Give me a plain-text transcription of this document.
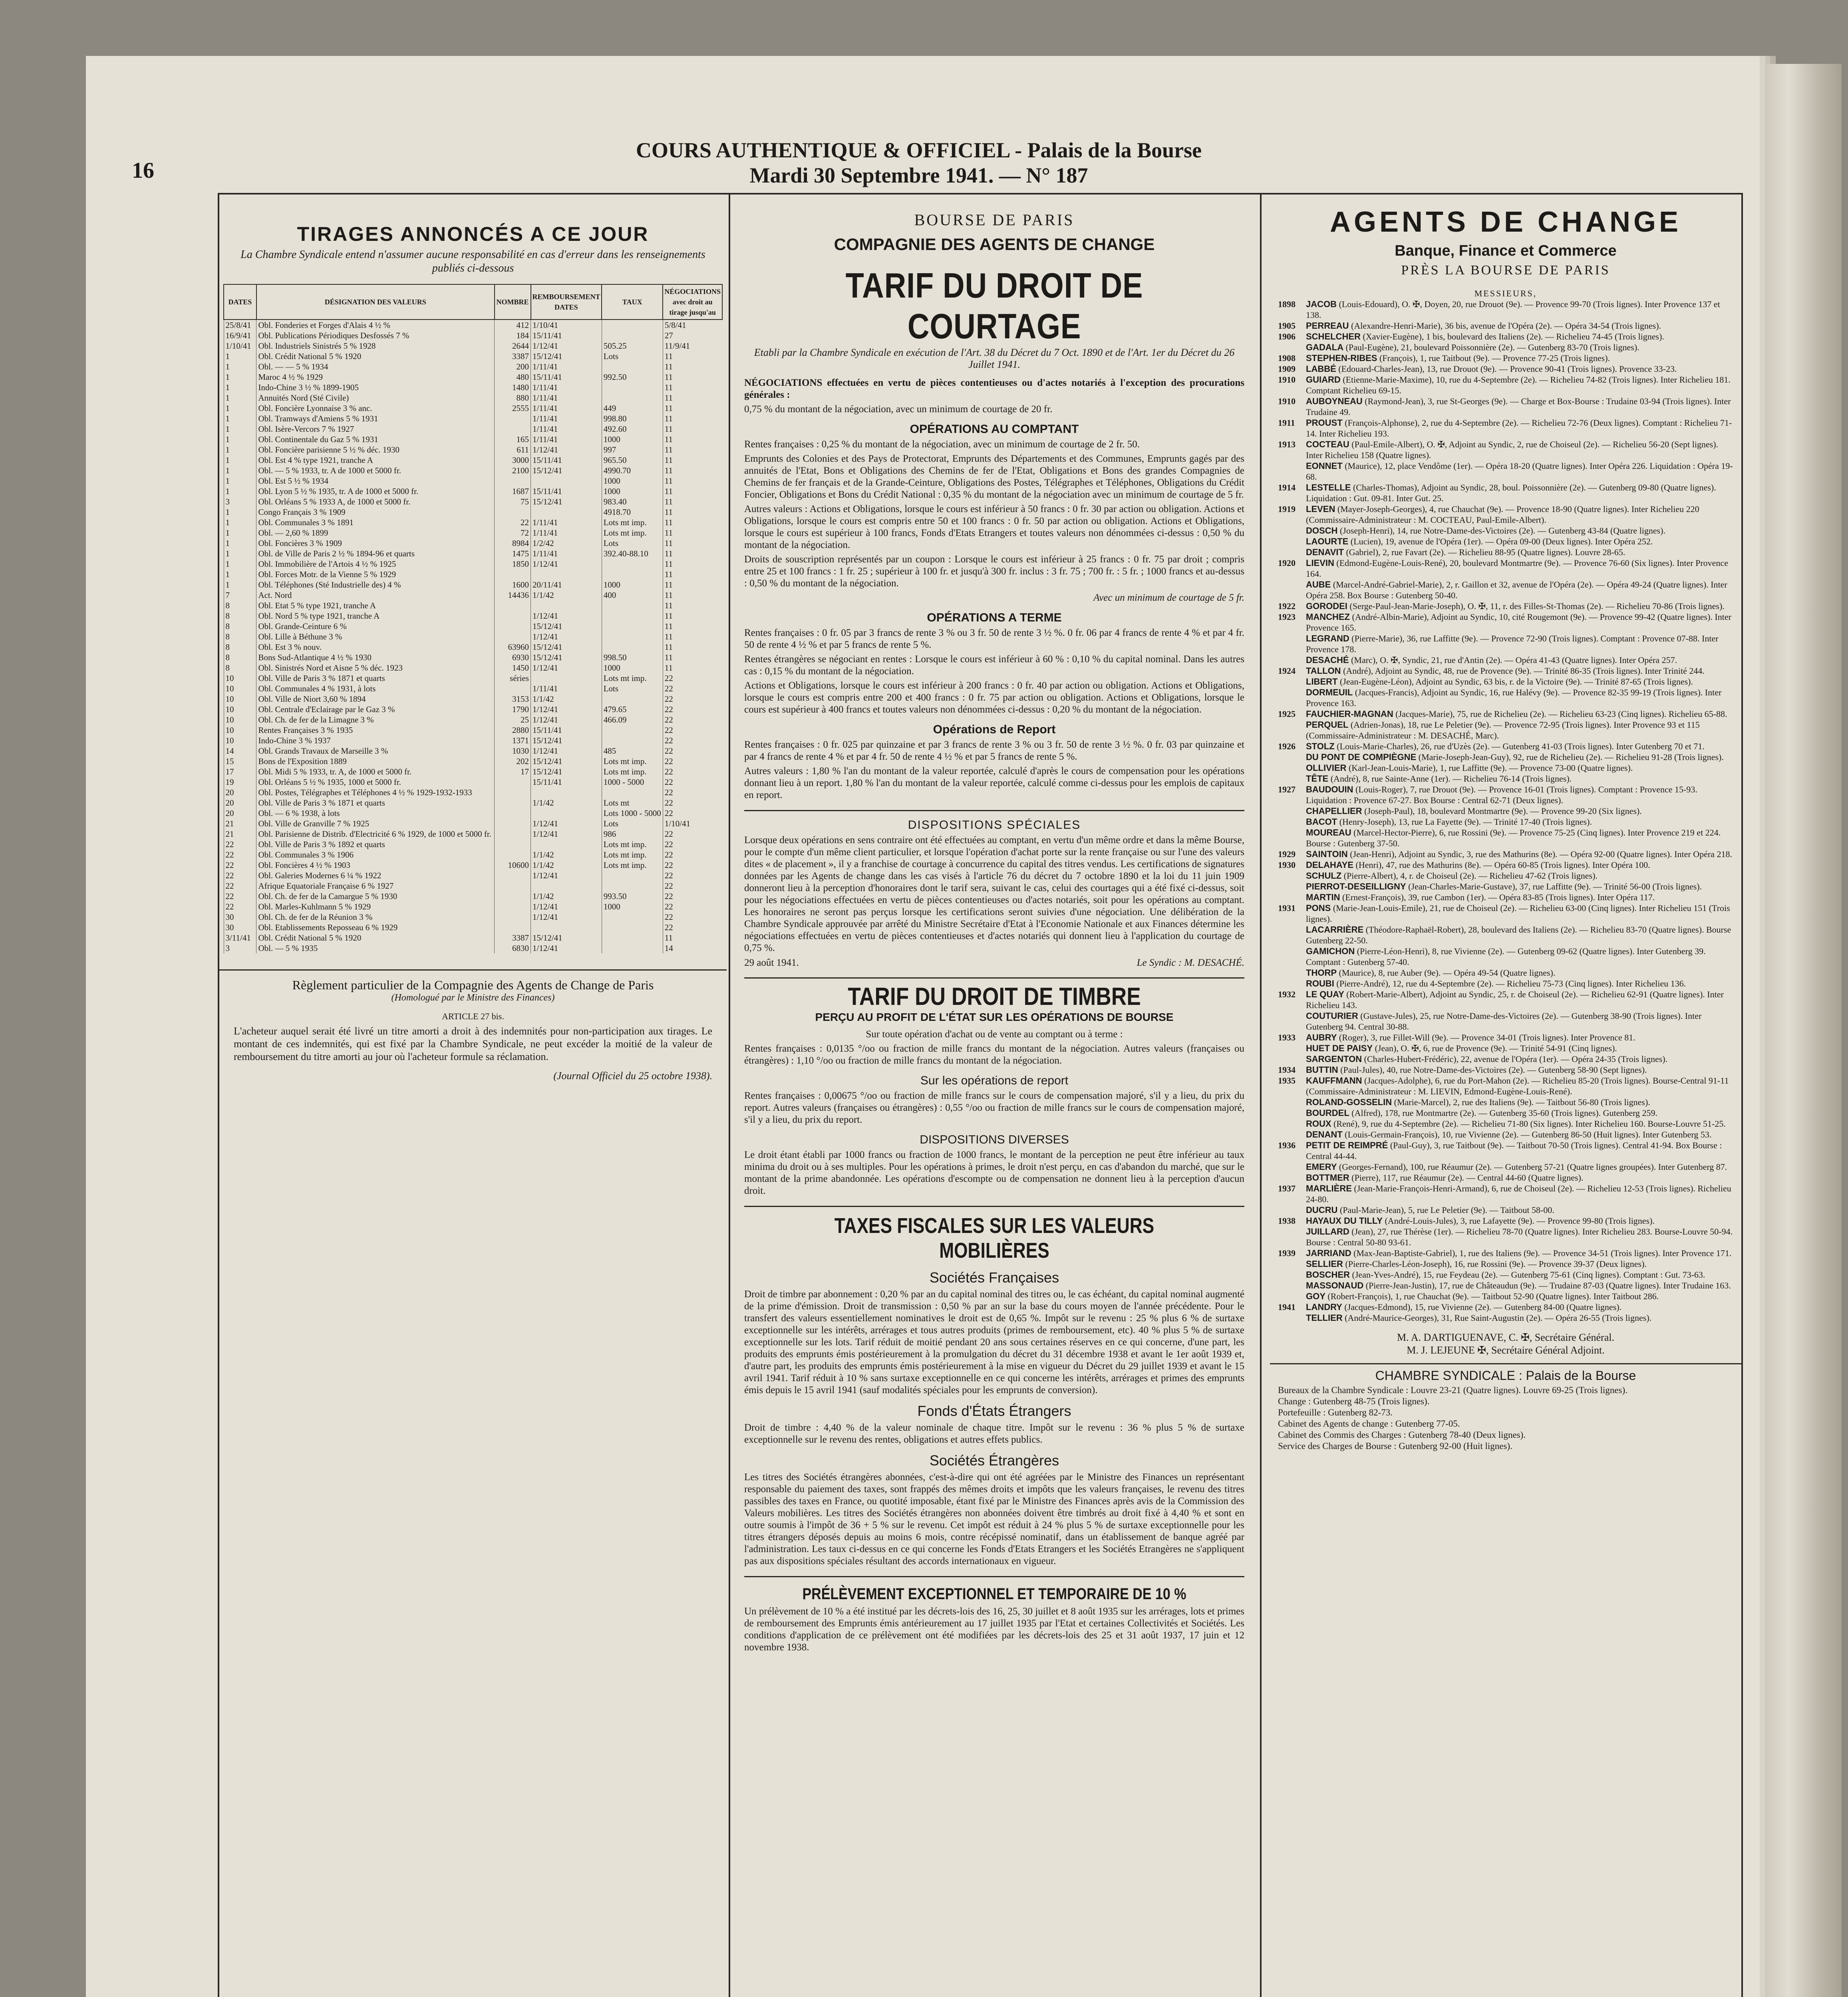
16
COURS AUTHENTIQUE & OFFICIEL - Palais de la Bourse
Mardi 30 Septembre 1941. — N° 187
TIRAGES ANNONCÉS A CE JOUR
La Chambre Syndicale entend n'assumer aucune responsabilité en cas d'erreur dans les renseignements publiés ci-dessous
DATES	DÉSIGNATION DES VALEURS	NOMBRE	REMBOURSEMENT DATES	TAUX	NÉGOCIATIONS avec droit au tirage jusqu'au
25/8/41	Obl. Fonderies et Forges d'Alais 4 ½ %	412	1/10/41		5/8/41
16/9/41	Obl. Publications Périodiques Desfossés 7 %	184	15/11/41		27
1/10/41	Obl. Industriels Sinistrés 5 % 1928	2644	1/12/41	505.25	11/9/41
1	Obl. Crédit National 5 % 1920	3387	15/12/41	Lots	11
1	Obl. — — 5 % 1934	200	1/11/41		11
1	Maroc 4 ½ % 1929	480	15/11/41	992.50	11
1	Indo-Chine 3 ½ % 1899-1905	1480	1/11/41		11
1	Annuités Nord (Sté Civile)	880	1/11/41		11
1	Obl. Foncière Lyonnaise 3 % anc.	2555	1/11/41	449	11
1	Obl. Tramways d'Amiens 5 % 1931		1/11/41	998.80	11
1	Obl. Isère-Vercors 7 % 1927		1/11/41	492.60	11
1	Obl. Continentale du Gaz 5 % 1931	165	1/11/41	1000	11
1	Obl. Foncière parisienne 5 ½ % déc. 1930	611	1/12/41	997	11
1	Obl. Est 4 % type 1921, tranche A	3000	15/11/41	965.50	11
1	Obl. — 5 % 1933, tr. A de 1000 et 5000 fr.	2100	15/12/41	4990.70	11
1	Obl. Est 5 ½ % 1934			1000	11
1	Obl. Lyon 5 ½ % 1935, tr. A de 1000 et 5000 fr.	1687	15/11/41	1000	11
3	Obl. Orléans 5 % 1933 A, de 1000 et 5000 fr.	75	15/12/41	983.40	11
1	Congo Français 3 % 1909			4918.70	11
1	Obl. Communales 3 % 1891	22	1/11/41	Lots mt imp.	11
1	Obl. — 2,60 % 1899	72	1/11/41	Lots mt imp.	11
1	Obl. Foncières 3 % 1909	8984	1/2/42	Lots	11
1	Obl. de Ville de Paris 2 ½ % 1894-96 et quarts	1475	1/11/41	392.40-88.10	11
1	Obl. Immobilière de l'Artois 4 ½ % 1925	1850	1/12/41		11
1	Obl. Forces Motr. de la Vienne 5 % 1929				11
1	Obl. Téléphones (Sté Industrielle des) 4 %	1600	20/11/41	1000	11
7	Act. Nord	14436	1/1/42	400	11
8	Obl. Etat 5 % type 1921, tranche A				11
8	Obl. Nord 5 % type 1921, tranche A		1/12/41		11
8	Obl. Grande-Ceinture 6 %		15/12/41		11
8	Obl. Lille à Béthune 3 %		1/12/41		11
8	Obl. Est 3 % nouv.	63960	15/12/41		11
8	Bons Sud-Atlantique 4 ½ % 1930	6930	15/12/41	998.50	11
8	Obl. Sinistrés Nord et Aisne 5 % déc. 1923	1450	1/12/41	1000	11
10	Obl. Ville de Paris 3 % 1871 et quarts	séries		Lots mt imp.	22
10	Obl. Communales 4 % 1931, à lots		1/11/41	Lots	22
10	Obl. Ville de Niort 3,60 % 1894	3153	1/1/42		22
10	Obl. Centrale d'Eclairage par le Gaz 3 %	1790	1/12/41	479.65	22
10	Obl. Ch. de fer de la Limagne 3 %	25	1/12/41	466.09	22
10	Rentes Françaises 3 % 1935	2880	15/11/41		22
10	Indo-Chine 3 % 1937	1371	15/12/41		22
14	Obl. Grands Travaux de Marseille 3 %	1030	1/12/41	485	22
15	Bons de l'Exposition 1889	202	15/12/41	Lots mt imp.	22
17	Obl. Midi 5 % 1933, tr. A, de 1000 et 5000 fr.	17	15/12/41	Lots mt imp.	22
19	Obl. Orléans 5 ½ % 1935, 1000 et 5000 fr.		15/11/41	1000 - 5000	22
20	Obl. Postes, Télégraphes et Téléphones 4 ½ % 1929-1932-1933				22
20	Obl. Ville de Paris 3 % 1871 et quarts		1/1/42	Lots mt	22
20	Obl. — 6 % 1938, à lots			Lots 1000 - 5000	22
21	Obl. Ville de Granville 7 % 1925		1/12/41	Lots	1/10/41
21	Obl. Parisienne de Distrib. d'Electricité 6 % 1929, de 1000 et 5000 fr.		1/12/41	986	22
22	Obl. Ville de Paris 3 % 1892 et quarts			Lots mt imp.	22
22	Obl. Communales 3 % 1906		1/1/42	Lots mt imp.	22
22	Obl. Foncières 4 ½ % 1903	10600	1/1/42	Lots mt imp.	22
22	Obl. Galeries Modernes 6 ¼ % 1922		1/12/41		22
22	Afrique Equatoriale Française 6 % 1927				22
22	Obl. Ch. de fer de la Camargue 5 % 1930		1/1/42	993.50	22
22	Obl. Marles-Kuhlmann 5 % 1929		1/12/41	1000	22
30	Obl. Ch. de fer de la Réunion 3 %		1/12/41		22
30	Obl. Etablissements Reposseau 6 % 1929				22
3/11/41	Obl. Crédit National 5 % 1920	3387	15/12/41		11
3	Obl. — 5 % 1935	6830	1/12/41		14
Règlement particulier de la Compagnie des Agents de Change de Paris
(Homologué par le Ministre des Finances)
ARTICLE 27 bis.
L'acheteur auquel serait été livré un titre amorti a droit à des indemnités pour non-participation aux tirages. Le montant de ces indemnités, qui est fixé par la Chambre Syndicale, ne peut excéder la moitié de la valeur de remboursement du titre amorti au jour où l'acheteur formule sa réclamation.
(Journal Officiel du 25 octobre 1938).
BOURSE DE PARIS
COMPAGNIE DES AGENTS DE CHANGE
TARIF DU DROIT DE COURTAGE
Etabli par la Chambre Syndicale en exécution de l'Art. 38 du Décret du 7 Oct. 1890 et de l'Art. 1er du Décret du 26 Juillet 1941.
NÉGOCIATIONS effectuées en vertu de pièces contentieuses ou d'actes notariés à l'exception des procurations générales :
0,75 % du montant de la négociation, avec un minimum de courtage de 20 fr.
OPÉRATIONS AU COMPTANT
Rentes françaises : 0,25 % du montant de la négociation, avec un minimum de courtage de 2 fr. 50.
Emprunts des Colonies et des Pays de Protectorat, Emprunts des Départements et des Communes, Emprunts gagés par des annuités de l'Etat, Bons et Obligations des Chemins de fer de l'Etat, Obligations et Bons des grandes Compagnies de Chemins de fer français et de la Grande-Ceinture, Obligations des Postes, Télégraphes et Téléphones, Obligations du Crédit Foncier, Obligations et Bons du Crédit National : 0,35 % du montant de la négociation avec un minimum de courtage de 5 fr.
Autres valeurs : Actions et Obligations, lorsque le cours est inférieur à 50 francs : 0 fr. 30 par action ou obligation. Actions et Obligations, lorsque le cours est compris entre 50 et 100 francs : 0 fr. 50 par action ou obligation. Actions et Obligations, lorsque le cours est supérieur à 100 francs, Fonds d'Etats Etrangers et toutes valeurs non dénommées ci-dessus : 0,50 % du montant de la négociation.
Droits de souscription représentés par un coupon : Lorsque le cours est inférieur à 25 francs : 0 fr. 75 par droit ; compris entre 25 et 100 francs : 1 fr. 25 ; supérieur à 100 fr. et jusqu'à 300 fr. inclus : 3 fr. 75 ; 700 fr. : 5 fr. ; 1000 francs et au-dessus : 0,50 % du montant de la négociation.
Avec un minimum de courtage de 5 fr.
OPÉRATIONS A TERME
Rentes françaises : 0 fr. 05 par 3 francs de rente 3 % ou 3 fr. 50 de rente 3 ½ %. 0 fr. 06 par 4 francs de rente 4 % et par 4 fr. 50 de rente 4 ½ % et par 5 francs de rente 5 %.
Rentes étrangères se négociant en rentes : Lorsque le cours est inférieur à 60 % : 0,10 % du capital nominal. Dans les autres cas : 0,15 % du montant de la négociation.
Actions et Obligations, lorsque le cours est inférieur à 200 francs : 0 fr. 40 par action ou obligation. Actions et Obligations, lorsque le cours est compris entre 200 et 400 francs : 0 fr. 75 par action ou obligation. Actions et Obligations, lorsque le cours est supérieur à 400 francs et toutes valeurs non dénommées ci-dessus : 0,20 % du montant de la négociation.
Opérations de Report
Rentes françaises : 0 fr. 025 par quinzaine et par 3 francs de rente 3 % ou 3 fr. 50 de rente 3 ½ %. 0 fr. 03 par quinzaine et par 4 francs de rente 4 % et par 4 fr. 50 de rente 4 ½ % et par 5 francs de rente 5 %.
Autres valeurs : 1,80 % l'an du montant de la valeur reportée, calculé d'après le cours de compensation pour les opérations donnant lieu à un report. 1,80 % l'an du montant de la valeur reportée, calculé comme ci-dessus pour les emplois de capitaux en report.
DISPOSITIONS SPÉCIALES
Lorsque deux opérations en sens contraire ont été effectuées au comptant, en vertu d'un même ordre et dans la même Bourse, pour le compte d'un même client particulier, et lorsque l'opération d'achat porte sur la rente française ou sur l'une des valeurs dites « de placement », il y a franchise de courtage à concurrence du capital des titres vendus. Les certifications de signatures données par les Agents de change dans les cas visés à l'article 76 du décret du 7 octobre 1890 et la loi du 11 juin 1909 donneront lieu à la perception d'honoraires dont le tarif sera, suivant le cas, celui des courtages qui a été fixé ci-dessus, soit pour les négociations effectuées en vertu de pièces contentieuses ou d'actes notariés, soit pour les opérations au comptant. Les honoraires ne seront pas perçus lorsque les certifications seront suivies d'une négociation. Une délibération de la Chambre Syndicale approuvée par arrêté du Ministre Secrétaire d'Etat à l'Economie Nationale et aux Finances détermine les négociations effectuées en vertu de pièces contentieuses et d'actes notariés qui donnent lieu à l'application du courtage de 0,75 %.
29 août 1941.	Le Syndic : M. DESACHÉ.
TARIF DU DROIT DE TIMBRE
PERÇU AU PROFIT DE L'ÉTAT SUR LES OPÉRATIONS DE BOURSE
Sur toute opération d'achat ou de vente au comptant ou à terme :
Rentes françaises : 0,0135 °/oo ou fraction de mille francs du montant de la négociation. Autres valeurs (françaises ou étrangères) : 1,10 °/oo ou fraction de mille francs du montant de la négociation.
Sur les opérations de report
Rentes françaises : 0,00675 °/oo ou fraction de mille francs sur le cours de compensation majoré, s'il y a lieu, du prix du report. Autres valeurs (françaises ou étrangères) : 0,55 °/oo ou fraction de mille francs sur le cours de compensation majoré, s'il y a lieu, du prix du report.
DISPOSITIONS DIVERSES
Le droit étant établi par 1000 francs ou fraction de 1000 francs, le montant de la perception ne peut être inférieur au taux minima du droit ou à ses multiples. Pour les opérations à primes, le droit n'est perçu, en cas d'abandon du marché, que sur le montant de la prime abandonnée. Les opérations d'escompte ou de compensation ne donnent lieu à la perception d'aucun droit.
TAXES FISCALES SUR LES VALEURS MOBILIÈRES
Sociétés Françaises
Droit de timbre par abonnement : 0,20 % par an du capital nominal des titres ou, le cas échéant, du capital nominal augmenté de la prime d'émission. Droit de transmission : 0,50 % par an sur la base du cours moyen de l'année précédente. Pour le transfert des valeurs essentiellement nominatives le droit est de 0,65 %. Impôt sur le revenu : 25 % plus 6 % de surtaxe exceptionnelle sur les intérêts, arrérages et tous autres produits (primes de remboursement, etc). 40 % plus 5 % de surtaxe exceptionnelle sur les lots. Tarif réduit de moitié pendant 20 ans sous certaines réserves en ce qui concerne, d'une part, les produits des emprunts émis postérieurement à la promulgation du décret du 31 décembre 1938 et avant le 1er août 1939 et, d'autre part, les produits des emprunts émis postérieurement à la mise en vigueur du Décret du 29 juillet 1939 et avant le 15 avril 1941. Tarif réduit à 10 % sans surtaxe exceptionnelle en ce qui concerne les intérêts, arrérages et primes des emprunts émis depuis le 15 avril 1941 (sauf modalités spéciales pour les emprunts de conversion).
Fonds d'États Étrangers
Droit de timbre : 4,40 % de la valeur nominale de chaque titre. Impôt sur le revenu : 36 % plus 5 % de surtaxe exceptionnelle sur le revenu des rentes, obligations et autres effets publics.
Sociétés Étrangères
Les titres des Sociétés étrangères abonnées, c'est-à-dire qui ont été agréées par le Ministre des Finances un représentant responsable du paiement des taxes, sont frappés des mêmes droits et impôts que les valeurs françaises, le revenu des titres passibles des taxes en France, ou quotité imposable, étant fixé par le Ministre des Finances après avis de la Commission des Valeurs mobilières. Les titres des Sociétés étrangères non abonnées doivent être timbrés au droit fixé à 4,40 % et sont en outre soumis à l'impôt de 36 + 5 % sur le revenu. Cet impôt est réduit à 24 % plus 5 % de surtaxe exceptionnelle pour les titres étrangers déposés depuis au moins 6 mois, contre récépissé nominatif, dans un établissement de banque agréé par l'administration. Les taux ci-dessus en ce qui concerne les Fonds d'Etats Etrangers et les Sociétés Etrangères ne s'appliquent pas aux dispositions spéciales résultant des accords internationaux en vigueur.
PRÉLÈVEMENT EXCEPTIONNEL ET TEMPORAIRE DE 10 %
Un prélèvement de 10 % a été institué par les décrets-lois des 16, 25, 30 juillet et 8 août 1935 sur les arrérages, lots et primes de remboursement des Emprunts émis antérieurement au 17 juillet 1935 par l'Etat et certaines Collectivités et Sociétés. Les conditions d'application de ce prélèvement ont été modifiées par les décrets-lois des 25 et 31 août 1937, 17 juin et 12 novembre 1938.
AGENTS DE CHANGE
Banque, Finance et Commerce
PRÈS LA BOURSE DE PARIS
MESSIEURS,
1898	JACOB (Louis-Edouard), O. ✠, Doyen, 20, rue Drouot (9e). — Provence 99-70 (Trois lignes). Inter Provence 137 et 138.
1905	PERREAU (Alexandre-Henri-Marie), 36 bis, avenue de l'Opéra (2e). — Opéra 34-54 (Trois lignes).
1906	SCHELCHER (Xavier-Eugène), 1 bis, boulevard des Italiens (2e). — Richelieu 74-45 (Trois lignes).
GADALA (Paul-Eugène), 21, boulevard Poissonnière (2e). — Gutenberg 83-70 (Trois lignes).
1908	STEPHEN-RIBES (François), 1, rue Taitbout (9e). — Provence 77-25 (Trois lignes).
1909	LABBÉ (Edouard-Charles-Jean), 13, rue Drouot (9e). — Provence 90-41 (Trois lignes). Provence 33-23.
1910	GUIARD (Etienne-Marie-Maxime), 10, rue du 4-Septembre (2e). — Richelieu 74-82 (Trois lignes). Inter Richelieu 181. Comptant Richelieu 69-15.
1910	AUBOYNEAU (Raymond-Jean), 3, rue St-Georges (9e). — Charge et Box-Bourse : Trudaine 03-94 (Trois lignes). Inter Trudaine 49.
1911	PROUST (François-Alphonse), 2, rue du 4-Septembre (2e). — Richelieu 72-76 (Deux lignes). Comptant : Richelieu 71-14. Inter Richelieu 193.
1913	COCTEAU (Paul-Emile-Albert), O. ✠, Adjoint au Syndic, 2, rue de Choiseul (2e). — Richelieu 56-20 (Sept lignes). Inter Richelieu 158 (Quatre lignes).
EONNET (Maurice), 12, place Vendôme (1er). — Opéra 18-20 (Quatre lignes). Inter Opéra 226. Liquidation : Opéra 19-68.
1914	LESTELLE (Charles-Thomas), Adjoint au Syndic, 28, boul. Poissonnière (2e). — Gutenberg 09-80 (Quatre lignes). Liquidation : Gut. 09-81. Inter Gut. 25.
1919	LEVEN (Mayer-Joseph-Georges), 4, rue Chauchat (9e). — Provence 18-90 (Quatre lignes). Inter Richelieu 220 (Commissaire-Administrateur : M. COCTEAU, Paul-Emile-Albert).
DOSCH (Joseph-Henri), 14, rue Notre-Dame-des-Victoires (2e). — Gutenberg 43-84 (Quatre lignes).
LAOURTE (Lucien), 19, avenue de l'Opéra (1er). — Opéra 09-00 (Deux lignes). Inter Opéra 252.
DENAVIT (Gabriel), 2, rue Favart (2e). — Richelieu 88-95 (Quatre lignes). Louvre 28-65.
1920	LIEVIN (Edmond-Eugène-Louis-René), 20, boulevard Montmartre (9e). — Provence 76-60 (Six lignes). Inter Provence 164.
AUBE (Marcel-André-Gabriel-Marie), 2, r. Gaillon et 32, avenue de l'Opéra (2e). — Opéra 49-24 (Quatre lignes). Inter Opéra 258. Box Bourse : Gutenberg 50-40.
1922	GORODEI (Serge-Paul-Jean-Marie-Joseph), O. ✠, 11, r. des Filles-St-Thomas (2e). — Richelieu 70-86 (Trois lignes).
1923	MANCHEZ (André-Albin-Marie), Adjoint au Syndic, 10, cité Rougemont (9e). — Provence 99-42 (Quatre lignes). Inter Provence 165.
LEGRAND (Pierre-Marie), 36, rue Laffitte (9e). — Provence 72-90 (Trois lignes). Comptant : Provence 07-88. Inter Provence 178.
DESACHÉ (Marc), O. ✠, Syndic, 21, rue d'Antin (2e). — Opéra 41-43 (Quatre lignes). Inter Opéra 257.
1924	TALLON (André), Adjoint au Syndic, 48, rue de Provence (9e). — Trinité 86-35 (Trois lignes). Inter Trinité 244.
LIBERT (Jean-Eugène-Léon), Adjoint au Syndic, 63 bis, r. de la Victoire (9e). — Trinité 87-65 (Trois lignes).
DORMEUIL (Jacques-Francis), Adjoint au Syndic, 16, rue Halévy (9e). — Provence 82-35 99-19 (Trois lignes). Inter Provence 163.
1925	FAUCHIER-MAGNAN (Jacques-Marie), 75, rue de Richelieu (2e). — Richelieu 63-23 (Cinq lignes). Richelieu 65-88.
PERQUEL (Adrien-Jonas), 18, rue Le Peletier (9e). — Provence 72-95 (Trois lignes). Inter Provence 93 et 115 (Commissaire-Administrateur : M. DESACHÉ, Marc).
1926	STOLZ (Louis-Marie-Charles), 26, rue d'Uzès (2e). — Gutenberg 41-03 (Trois lignes). Inter Gutenberg 70 et 71.
DU PONT DE COMPIÈGNE (Marie-Joseph-Jean-Guy), 92, rue de Richelieu (2e). — Richelieu 91-28 (Trois lignes).
OLLIVIER (Karl-Jean-Louis-Marie), 1, rue Laffitte (9e). — Provence 73-00 (Quatre lignes).
TÊTE (André), 8, rue Sainte-Anne (1er). — Richelieu 76-14 (Trois lignes).
1927	BAUDOUIN (Louis-Roger), 7, rue Drouot (9e). — Provence 16-01 (Trois lignes). Comptant : Provence 15-93. Liquidation : Provence 67-27. Box Bourse : Central 62-71 (Deux lignes).
CHAPELLIER (Joseph-Paul), 18, boulevard Montmartre (9e). — Provence 99-20 (Six lignes).
BACOT (Henry-Joseph), 13, rue La Fayette (9e). — Trinité 17-40 (Trois lignes).
MOUREAU (Marcel-Hector-Pierre), 6, rue Rossini (9e). — Provence 75-25 (Cinq lignes). Inter Provence 219 et 224. Bourse : Gutenberg 37-50.
1929	SAINTOIN (Jean-Henri), Adjoint au Syndic, 3, rue des Mathurins (8e). — Opéra 92-00 (Quatre lignes). Inter Opéra 218.
1930	DELAHAYE (Henri), 47, rue des Mathurins (8e). — Opéra 60-85 (Trois lignes). Inter Opéra 100.
SCHULZ (Pierre-Albert), 4, r. de Choiseul (2e). — Richelieu 47-62 (Trois lignes).
PIERROT-DESEILLIGNY (Jean-Charles-Marie-Gustave), 37, rue Laffitte (9e). — Trinité 56-00 (Trois lignes).
MARTIN (Ernest-François), 39, rue Cambon (1er). — Opéra 83-85 (Trois lignes). Inter Opéra 117.
1931	PONS (Marie-Jean-Louis-Emile), 21, rue de Choiseul (2e). — Richelieu 63-00 (Cinq lignes). Inter Richelieu 151 (Trois lignes).
LACARRIÈRE (Théodore-Raphaël-Robert), 28, boulevard des Italiens (2e). — Richelieu 83-70 (Quatre lignes). Bourse Gutenberg 22-50.
GAMICHON (Pierre-Léon-Henri), 8, rue Vivienne (2e). — Gutenberg 09-62 (Quatre lignes). Inter Gutenberg 39. Comptant : Gutenberg 57-40.
THORP (Maurice), 8, rue Auber (9e). — Opéra 49-54 (Quatre lignes).
ROUBI (Pierre-André), 12, rue du 4-Septembre (2e). — Richelieu 75-73 (Cinq lignes). Inter Richelieu 136.
1932	LE QUAY (Robert-Marie-Albert), Adjoint au Syndic, 25, r. de Choiseul (2e). — Richelieu 62-91 (Quatre lignes). Inter Richelieu 143.
COUTURIER (Gustave-Jules), 25, rue Notre-Dame-des-Victoires (2e). — Gutenberg 38-90 (Trois lignes). Inter Gutenberg 94. Central 30-88.
1933	AUBRY (Roger), 3, rue Fillet-Will (9e). — Provence 34-01 (Trois lignes). Inter Provence 81.
HUET DE PAISY (Jean), O. ✠, 6, rue de Provence (9e). — Trinité 54-91 (Cinq lignes).
SARGENTON (Charles-Hubert-Frédéric), 22, avenue de l'Opéra (1er). — Opéra 24-35 (Trois lignes).
1934	BUTTIN (Paul-Jules), 40, rue Notre-Dame-des-Victoires (2e). — Gutenberg 58-90 (Sept lignes).
1935	KAUFFMANN (Jacques-Adolphe), 6, rue du Port-Mahon (2e). — Richelieu 85-20 (Trois lignes). Bourse-Central 91-11 (Commissaire-Administrateur : M. LIEVIN, Edmond-Eugène-Louis-René).
ROLAND-GOSSELIN (Marie-Marcel), 2, rue des Italiens (9e). — Taitbout 56-80 (Trois lignes).
BOURDEL (Alfred), 178, rue Montmartre (2e). — Gutenberg 35-60 (Trois lignes). Gutenberg 259.
ROUX (René), 9, rue du 4-Septembre (2e). — Richelieu 71-80 (Six lignes). Inter Richelieu 160. Bourse-Louvre 51-25.
DENANT (Louis-Germain-François), 10, rue Vivienne (2e). — Gutenberg 86-50 (Huit lignes). Inter Gutenberg 53.
1936	PETIT DE REIMPRÉ (Paul-Guy), 3, rue Taitbout (9e). — Taitbout 70-50 (Trois lignes). Central 41-94. Box Bourse : Central 44-44.
EMERY (Georges-Fernand), 100, rue Réaumur (2e). — Gutenberg 57-21 (Quatre lignes groupées). Inter Gutenberg 87.
BOTTMER (Pierre), 117, rue Réaumur (2e). — Central 44-60 (Quatre lignes).
1937	MARLIÈRE (Jean-Marie-François-Henri-Armand), 6, rue de Choiseul (2e). — Richelieu 12-53 (Trois lignes). Richelieu 24-80.
DUCRU (Paul-Marie-Jean), 5, rue Le Peletier (9e). — Taitbout 58-00.
1938	HAYAUX DU TILLY (André-Louis-Jules), 3, rue Lafayette (9e). — Provence 99-80 (Trois lignes).
JUILLARD (Jean), 27, rue Thérèse (1er). — Richelieu 78-70 (Quatre lignes). Inter Richelieu 283. Bourse-Louvre 50-94. Bourse : Central 50-80 93-61.
1939	JARRIAND (Max-Jean-Baptiste-Gabriel), 1, rue des Italiens (9e). — Provence 34-51 (Trois lignes). Inter Provence 171.
SELLIER (Pierre-Charles-Léon-Joseph), 16, rue Rossini (9e). — Provence 39-37 (Deux lignes).
BOSCHER (Jean-Yves-André), 15, rue Feydeau (2e). — Gutenberg 75-61 (Cinq lignes). Comptant : Gut. 73-63.
MASSONAUD (Pierre-Jean-Justin), 17, rue de Châteaudun (9e). — Trudaine 87-03 (Quatre lignes). Inter Trudaine 163.
GOY (Robert-François), 1, rue Chauchat (9e). — Taitbout 52-90 (Quatre lignes). Inter Taitbout 286.
1941	LANDRY (Jacques-Edmond), 15, rue Vivienne (2e). — Gutenberg 84-00 (Quatre lignes).
TELLIER (André-Maurice-Georges), 31, Rue Saint-Augustin (2e). — Opéra 26-55 (Trois lignes).
M. A. DARTIGUENAVE, C. ✠, Secrétaire Général.
M. J. LEJEUNE ✠, Secrétaire Général Adjoint.
CHAMBRE SYNDICALE : Palais de la Bourse
Bureaux de la Chambre Syndicale : Louvre 23-21 (Quatre lignes). Louvre 69-25 (Trois lignes).
Change : Gutenberg 48-75 (Trois lignes).
Portefeuille : Gutenberg 82-73.
Cabinet des Agents de change : Gutenberg 77-05.
Cabinet des Commis des Charges : Gutenberg 78-40 (Deux lignes).
Service des Charges de Bourse : Gutenberg 92-00 (Huit lignes).
